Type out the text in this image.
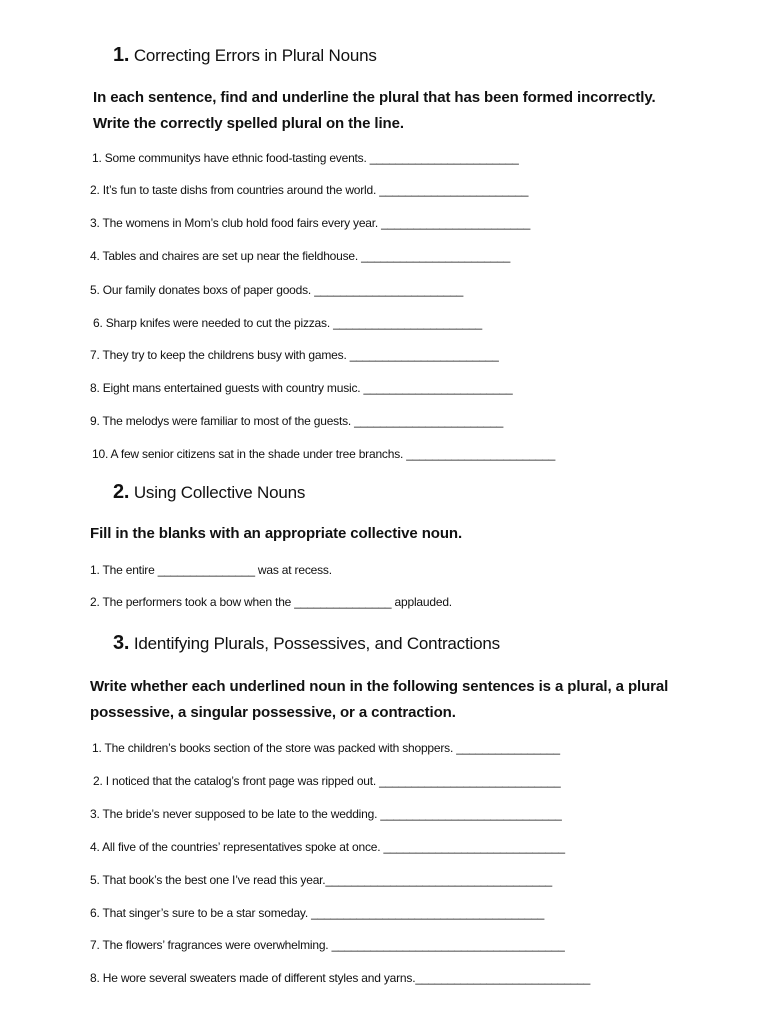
1. Correcting Errors in Plural Nouns
In each sentence, find and underline the plural that has been formed incorrectly. Write the correctly spelled plural on the line.
1. Some communitys have ethnic food-tasting events. _______________________
2. It’s fun to taste dishs from countries around the world. _______________________
3. The womens in Mom’s club hold food fairs every year. _______________________
4. Tables and chaires are set up near the fieldhouse. _______________________
5. Our family donates boxs of paper goods. _______________________
6. Sharp knifes were needed to cut the pizzas. _______________________
7. They try to keep the childrens busy with games. _______________________
8. Eight mans entertained guests with country music. _______________________
9. The melodys were familiar to most of the guests. _______________________
10. A few senior citizens sat in the shade under tree branchs. _______________________
2. Using Collective Nouns
Fill in the blanks with an appropriate collective noun.
1. The entire _______________ was at recess.
2. The performers took a bow when the _______________ applauded.
3. Identifying Plurals, Possessives, and Contractions
Write whether each underlined noun in the following sentences is a plural, a plural possessive, a singular possessive, or a contraction.
1. The children’s books section of the store was packed with shoppers. ________________
2. I noticed that the catalog’s front page was ripped out. ____________________________
3. The bride’s never supposed to be late to the wedding. ____________________________
4. All five of the countries’ representatives spoke at once. ____________________________
5. That book’s the best one I’ve read this year.___________________________________
6. That singer’s sure to be a star someday. ____________________________________
7. The flowers’ fragrances were overwhelming. ____________________________________
8. He wore several sweaters made of different styles and yarns.___________________________
